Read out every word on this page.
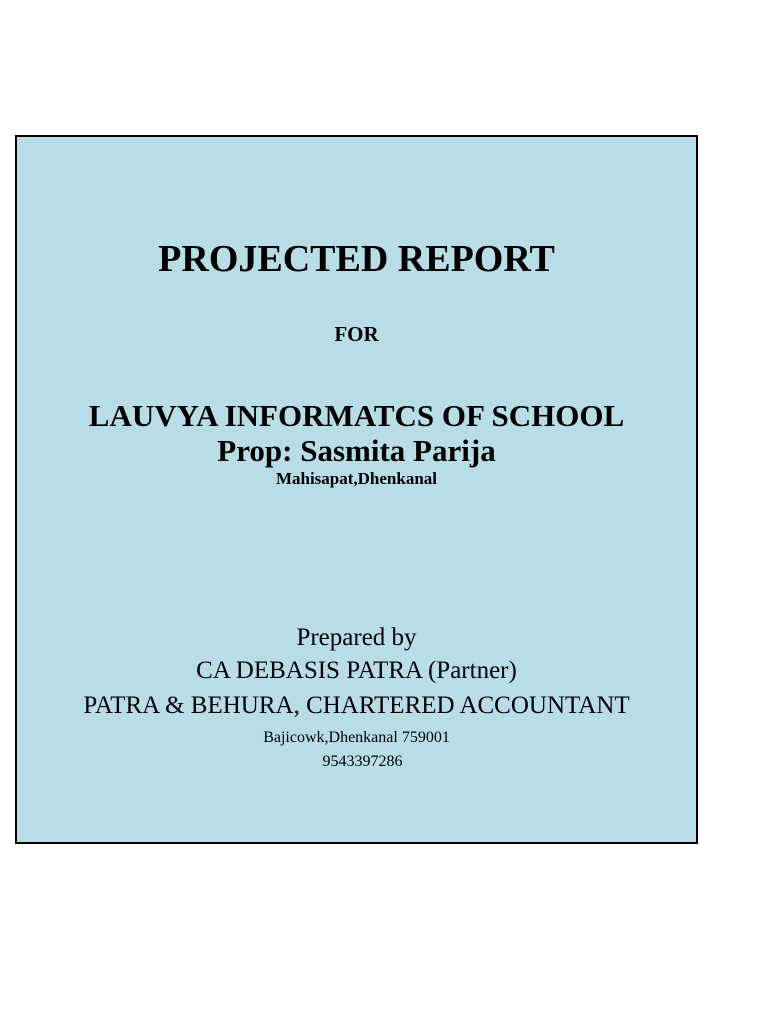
PROJECTED REPORT
FOR
LAUVYA INFORMATCS OF SCHOOL
Prop: Sasmita Parija
Mahisapat,Dhenkanal
Prepared by
CA DEBASIS PATRA (Partner)
PATRA & BEHURA, CHARTERED ACCOUNTANT
Bajicowk,Dhenkanal 759001
9543397286
